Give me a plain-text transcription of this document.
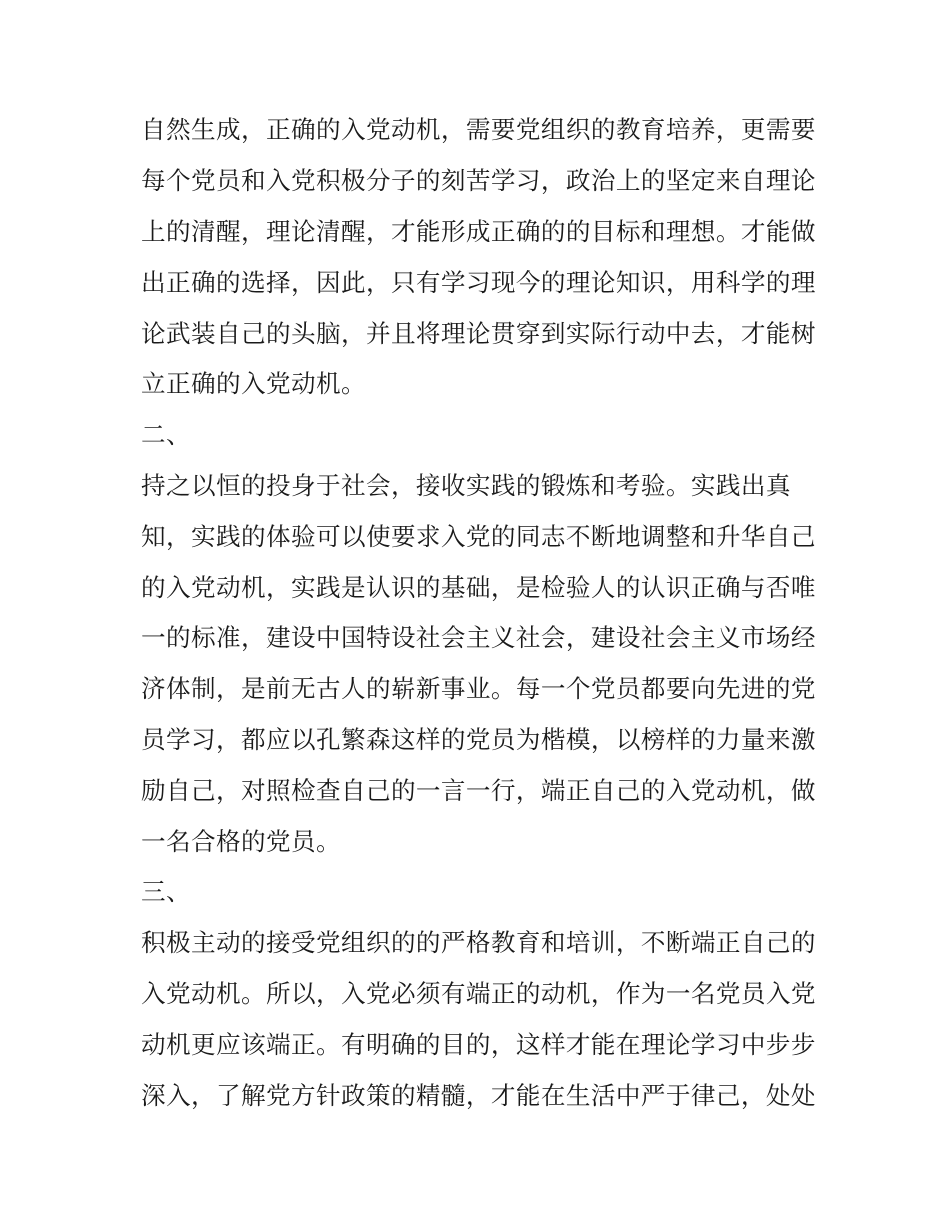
自然生成，正确的入党动机，需要党组织的教育培养，更需要
每个党员和入党积极分子的刻苦学习，政治上的坚定来自理论
上的清醒，理论清醒，才能形成正确的的目标和理想。才能做
出正确的选择，因此，只有学习现今的理论知识，用科学的理
论武装自己的头脑，并且将理论贯穿到实际行动中去，才能树
立正确的入党动机。
二、
持之以恒的投身于社会，接收实践的锻炼和考验。实践出真
知，实践的体验可以使要求入党的同志不断地调整和升华自己
的入党动机，实践是认识的基础，是检验人的认识正确与否唯
一的标准，建设中国特设社会主义社会，建设社会主义市场经
济体制，是前无古人的崭新事业。每一个党员都要向先进的党
员学习，都应以孔繁森这样的党员为楷模，以榜样的力量来激
励自己，对照检查自己的一言一行，端正自己的入党动机，做
一名合格的党员。
三、
积极主动的接受党组织的的严格教育和培训，不断端正自己的
入党动机。所以，入党必须有端正的动机，作为一名党员入党
动机更应该端正。有明确的目的，这样才能在理论学习中步步
深入，了解党方针政策的精髓，才能在生活中严于律己，处处
